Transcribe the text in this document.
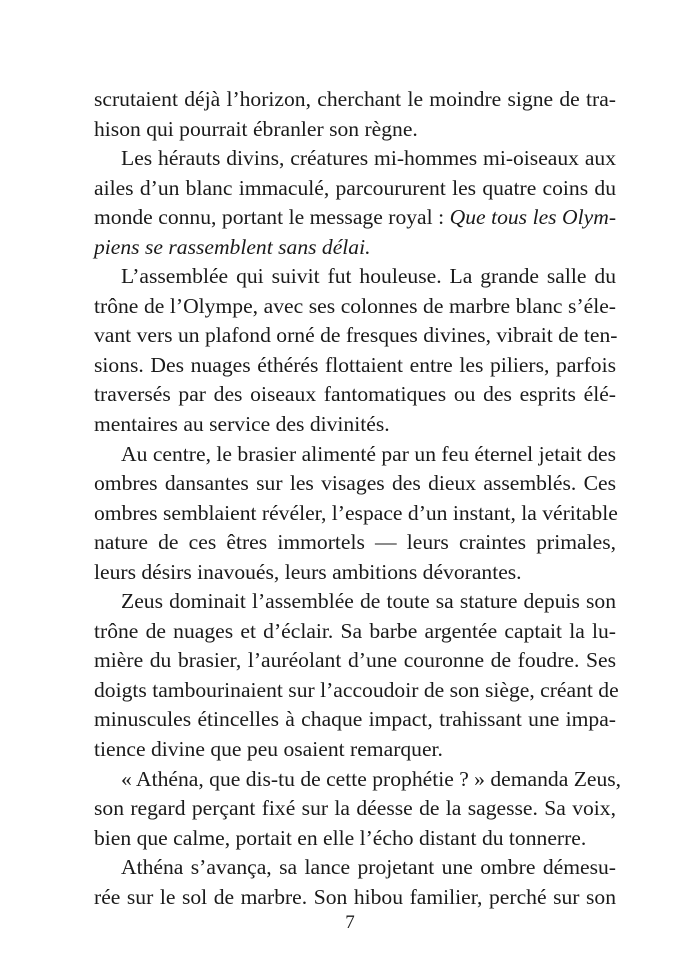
scrutaient déjà l’horizon, cherchant le moindre signe de tra-
hison qui pourrait ébranler son règne.
Les hérauts divins, créatures mi-hommes mi-oiseaux aux
ailes d’un blanc immaculé, parcoururent les quatre coins du
monde connu, portant le message royal : Que tous les Olym-
piens se rassemblent sans délai.
L’assemblée qui suivit fut houleuse. La grande salle du
trône de l’Olympe, avec ses colonnes de marbre blanc s’éle-
vant vers un plafond orné de fresques divines, vibrait de ten-
sions. Des nuages éthérés flottaient entre les piliers, parfois
traversés par des oiseaux fantomatiques ou des esprits élé-
mentaires au service des divinités.
Au centre, le brasier alimenté par un feu éternel jetait des
ombres dansantes sur les visages des dieux assemblés. Ces
ombres semblaient révéler, l’espace d’un instant, la véritable
nature de ces êtres immortels — leurs craintes primales,
leurs désirs inavoués, leurs ambitions dévorantes.
Zeus dominait l’assemblée de toute sa stature depuis son
trône de nuages et d’éclair. Sa barbe argentée captait la lu-
mière du brasier, l’auréolant d’une couronne de foudre. Ses
doigts tambourinaient sur l’accoudoir de son siège, créant de
minuscules étincelles à chaque impact, trahissant une impa-
tience divine que peu osaient remarquer.
« Athéna, que dis-tu de cette prophétie ? » demanda Zeus,
son regard perçant fixé sur la déesse de la sagesse. Sa voix,
bien que calme, portait en elle l’écho distant du tonnerre.
Athéna s’avança, sa lance projetant une ombre démesu-
rée sur le sol de marbre. Son hibou familier, perché sur son
7
